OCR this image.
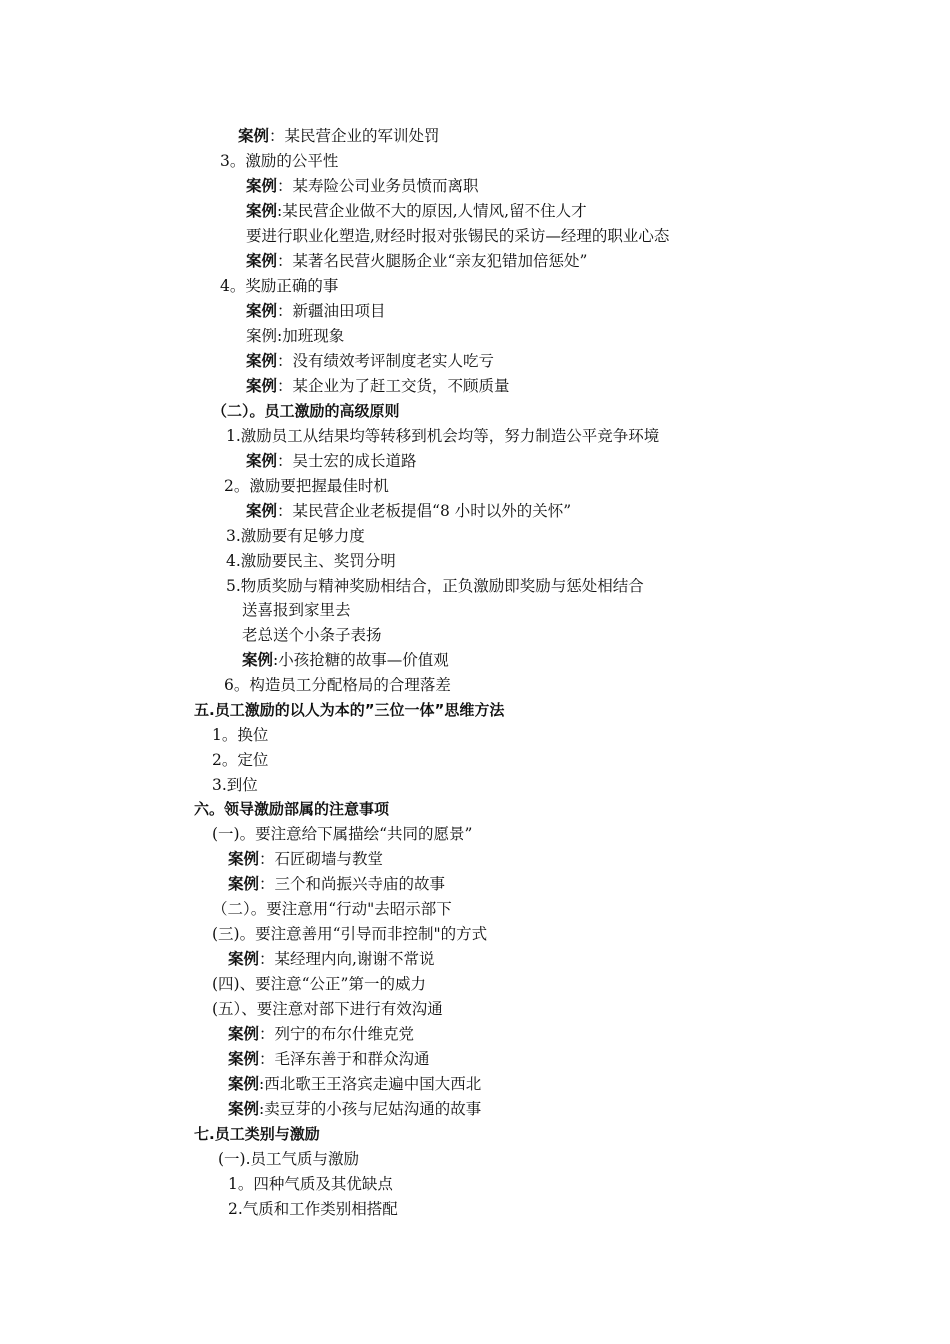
案例：某民营企业的军训处罚
3。激励的公平性
案例：某寿险公司业务员愤而离职
案例:某民营企业做不大的原因,人情风,留不住人才
要进行职业化塑造,财经时报对张锡民的采访—经理的职业心态
案例：某著名民营火腿肠企业“亲友犯错加倍惩处”
4。奖励正确的事
案例：新疆油田项目
案例:加班现象
案例：没有绩效考评制度老实人吃亏
案例：某企业为了赶工交货，不顾质量
（二）。员工激励的高级原则
1.激励员工从结果均等转移到机会均等，努力制造公平竞争环境
案例：吴士宏的成长道路
2。激励要把握最佳时机
案例：某民营企业老板提倡“8 小时以外的关怀”
3.激励要有足够力度
4.激励要民主、奖罚分明
5.物质奖励与精神奖励相结合，正负激励即奖励与惩处相结合
送喜报到家里去
老总送个小条子表扬
案例:小孩抢糖的故事—价值观
6。构造员工分配格局的合理落差
五.员工激励的以人为本的”三位一体”思维方法
1。换位
2。定位
3.到位
六。领导激励部属的注意事项
(一)。要注意给下属描绘“共同的愿景”
案例：石匠砌墙与教堂
案例：三个和尚振兴寺庙的故事
（二）。要注意用“行动"去昭示部下
(三)。要注意善用“引导而非控制"的方式
案例：某经理内向,谢谢不常说
(四)、要注意“公正”第一的威力
(五）、要注意对部下进行有效沟通
案例：列宁的布尔什维克党
案例：毛泽东善于和群众沟通
案例:西北歌王王洛宾走遍中国大西北
案例:卖豆芽的小孩与尼姑沟通的故事
七.员工类别与激励
(一).员工气质与激励
1。四种气质及其优缺点
2.气质和工作类别相搭配
